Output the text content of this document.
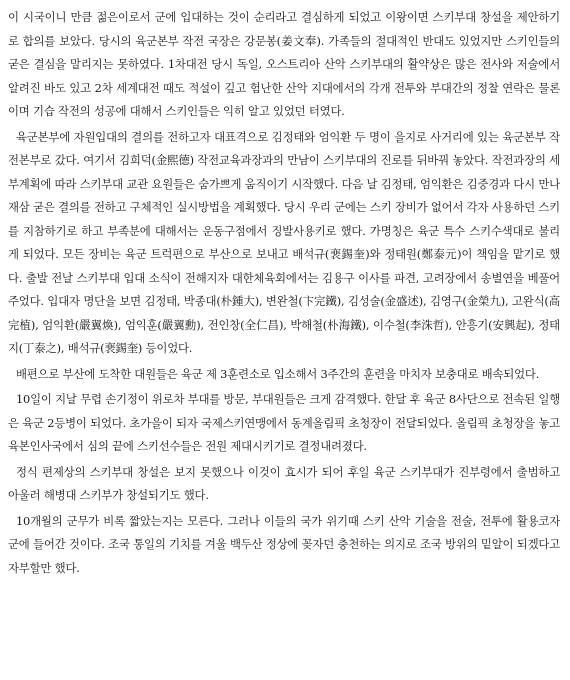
이 시국이니 만큼 젊은이로서 군에 입대하는 것이 순리라고 결심하게 되었고 이왕이면 스키부대 창설을 제안하기로 합의를 보았다. 당시의 육군본부 작전 국장은 강문봉(姜文奉). 가족들의 절대적인 반대도 있었지만 스키인들의 굳은 결심을 말리지는 못하였다. 1차대전 당시 독일, 오스트리아 산악 스키부대의 활약상은 많은 전사와 저술에서 알려진 바도 있고 2차 세계대전 때도 적설이 깊고 험난한 산악 지대에서의 각개 전투와 부대간의 정찰 연락은 물론이며 기습 작전의 성공에 대해서 스키인들은 익히 알고 있었던 터였다.

육군본부에 자원입대의 결의를 전하고자 대표격으로 김정태와 엄익환 두 명이 을지로 사거리에 있는 육군본부 작전본부로 갔다. 여기서 김희덕(金熙德) 작전교육과장과의 만남이 스키부대의 진로를 뒤바꿔 놓았다. 작전과장의 세부계획에 따라 스키부대 교관 요원들은 숨가쁘게 움직이기 시작했다. 다음 날 김정태, 엄익환은 김중경과 다시 만나 재삼 굳은 결의를 전하고 구체적인 실시방법을 계획했다. 당시 우리 군에는 스키 장비가 없어서 각자 사용하던 스키를 지참하기로 하고 부족분에 대해서는 운동구점에서 징발사용키로 했다. 가명칭은 육군 특수 스키수색대로 불리게 되었다. 모든 장비는 육군 트럭편으로 부산으로 보내고 배석규(裵錫奎)와 정태원(鄭泰元)이 책임을 맡기로 했다. 출발 전날 스키부대 입대 소식이 전해지자 대한체육회에서는 김용구 이사를 파견, 고려장에서 송별연을 베풀어 주었다. 입대자 명단을 보면 김정태, 박종대(朴鍾大), 변완철(卞完鐵), 김성술(金盛述), 김영구(金榮九), 고완식(高完植), 엄익환(嚴翼煥), 엄익훈(嚴翼勳), 전인창(全仁昌), 박해철(朴海鐵), 이수철(李洙哲), 안흥기(安興起), 정태지(丁泰之), 배석규(裵錫奎) 등이었다.

배편으로 부산에 도착한 대원들은 육군 제 3훈련소로 입소해서 3주간의 훈련을 마치자 보충대로 배속되었다.

10일이 지날 무렵 손기정이 위로차 부대를 방문, 부대원들은 크게 감격했다. 한달 후 육군 8사단으로 전속된 일행은 육군 2등병이 되었다. 초가을이 되자 국제스키연맹에서 동계올림픽 초청장이 전달되었다. 올림픽 초청장을 놓고 육본인사국에서 심의 끝에 스키선수들은 전원 제대시키기로 결정내려졌다.

정식 편제상의 스키부대 창설은 보지 못했으나 이것이 효시가 되어 후일 육군 스키부대가 진부령에서 출범하고 아울러 해병대 스키부가 창설되기도 했다.

10개월의 군무가 비록 짧았는지는 모른다. 그러나 이들의 국가 위기때 스키 산악 기술을 전술, 전투에 활용코자 군에 들어간 것이다. 조국 통일의 기치를 겨울 백두산 정상에 꽂자던 충천하는 의지로 조국 방위의 밑알이 되겠다고 자부할만 했다.
